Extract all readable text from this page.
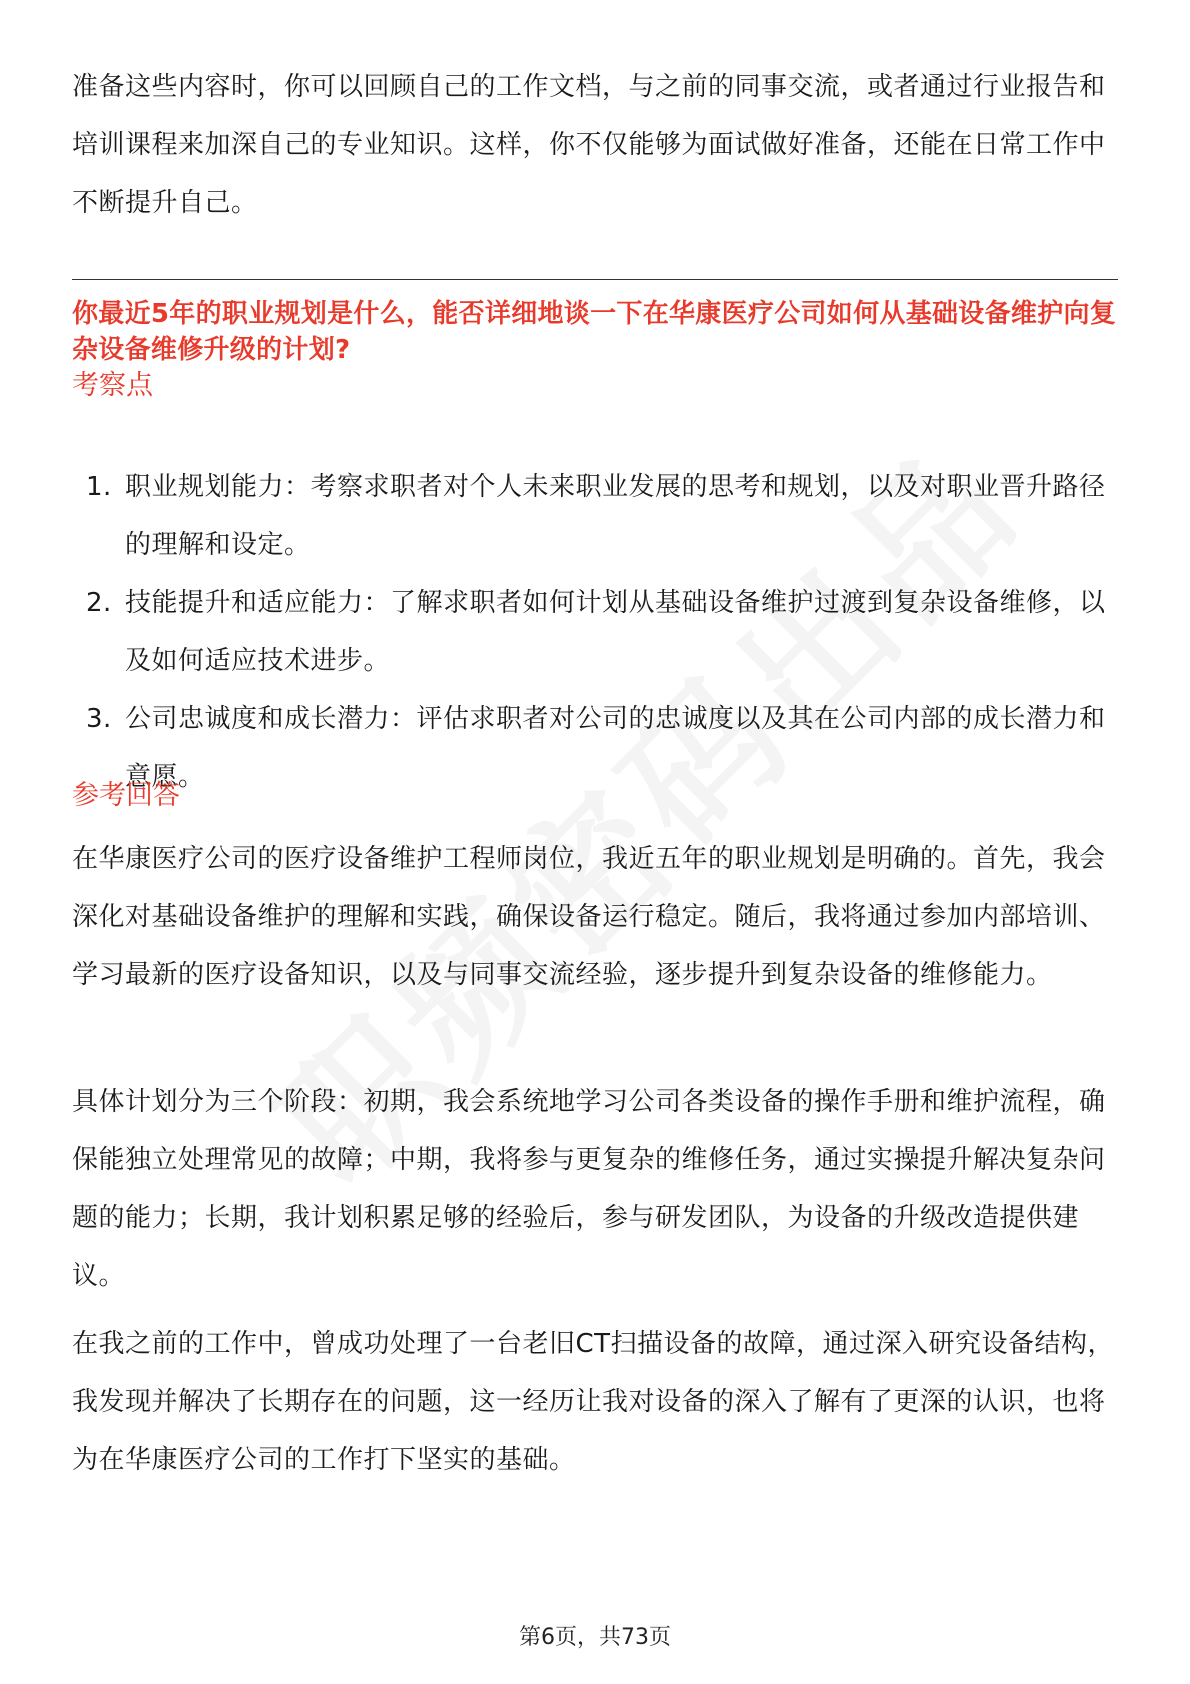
准备这些内容时，你可以回顾自己的工作文档，与之前的同事交流，或者通过行业报告和培训课程来加深自己的专业知识。这样，你不仅能够为面试做好准备，还能在日常工作中不断提升自己。

你最近5年的职业规划是什么，能否详细地谈一下在华康医疗公司如何从基础设备维护向复杂设备维修升级的计划?
考察点
1. 职业规划能力：考察求职者对个人未来职业发展的思考和规划，以及对职业晋升路径的理解和设定。
2. 技能提升和适应能力：了解求职者如何计划从基础设备维护过渡到复杂设备维修，以及如何适应技术进步。
3. 公司忠诚度和成长潜力：评估求职者对公司的忠诚度以及其在公司内部的成长潜力和意愿。
参考回答

在华康医疗公司的医疗设备维护工程师岗位，我近五年的职业规划是明确的。首先，我会深化对基础设备维护的理解和实践，确保设备运行稳定。随后，我将通过参加内部培训、学习最新的医疗设备知识，以及与同事交流经验，逐步提升到复杂设备的维修能力。

具体计划分为三个阶段：初期，我会系统地学习公司各类设备的操作手册和维护流程，确保能独立处理常见的故障；中期，我将参与更复杂的维修任务，通过实操提升解决复杂问题的能力；长期，我计划积累足够的经验后，参与研发团队，为设备的升级改造提供建议。

在我之前的工作中，曾成功处理了一台老旧CT扫描设备的故障，通过深入研究设备结构，我发现并解决了长期存在的问题，这一经历让我对设备的深入了解有了更深的认识，也将为在华康医疗公司的工作打下坚实的基础。

第6页，共73页
